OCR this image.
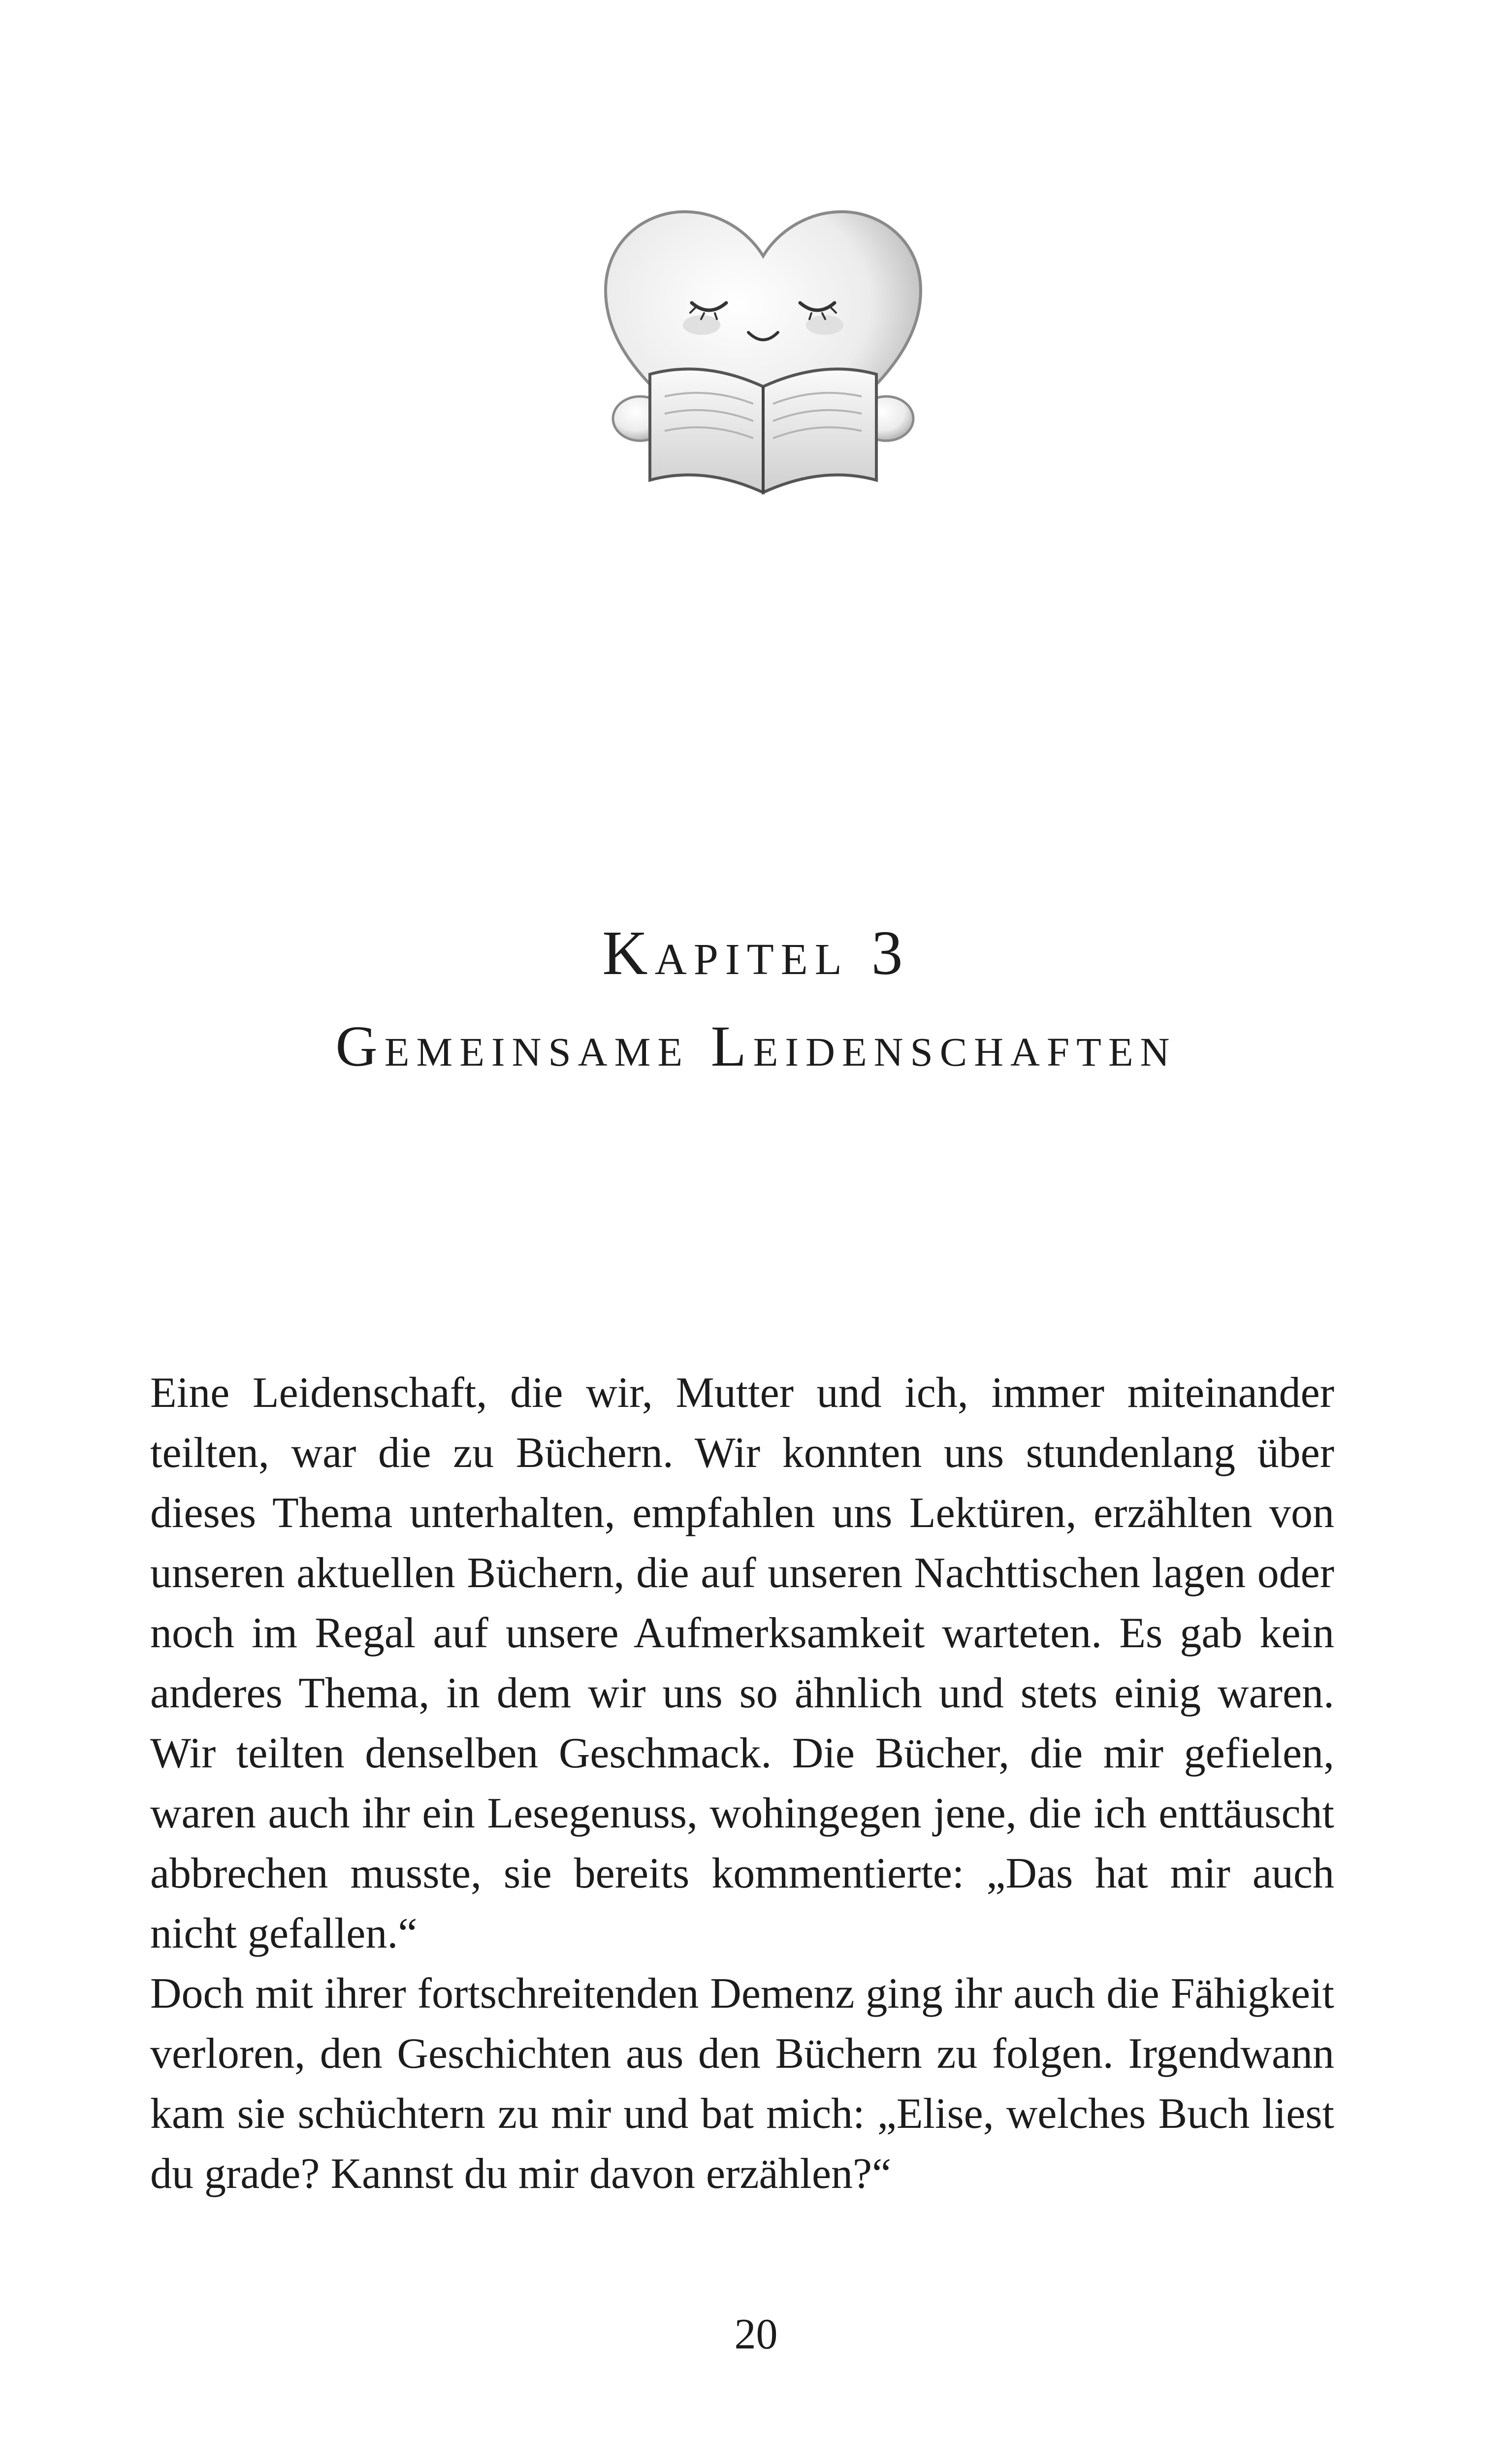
Kapitel 3
Gemeinsame Leidenschaften

Eine Leidenschaft, die wir, Mutter und ich, immer miteinander teilten, war die zu Büchern. Wir konnten uns stundenlang über dieses Thema unterhalten, empfahlen uns Lektüren, erzählten von unseren aktuellen Büchern, die auf unseren Nachttischen lagen oder noch im Regal auf unsere Aufmerksamkeit warteten. Es gab kein anderes Thema, in dem wir uns so ähnlich und stets einig waren. Wir teilten denselben Geschmack. Die Bücher, die mir gefielen, waren auch ihr ein Lesegenuss, wohingegen jene, die ich enttäuscht abbrechen musste, sie bereits kommentierte: „Das hat mir auch nicht gefallen.“

Doch mit ihrer fortschreitenden Demenz ging ihr auch die Fähigkeit verloren, den Geschichten aus den Büchern zu folgen. Irgendwann kam sie schüchtern zu mir und bat mich: „Elise, welches Buch liest du grade? Kannst du mir davon erzählen?“

20
